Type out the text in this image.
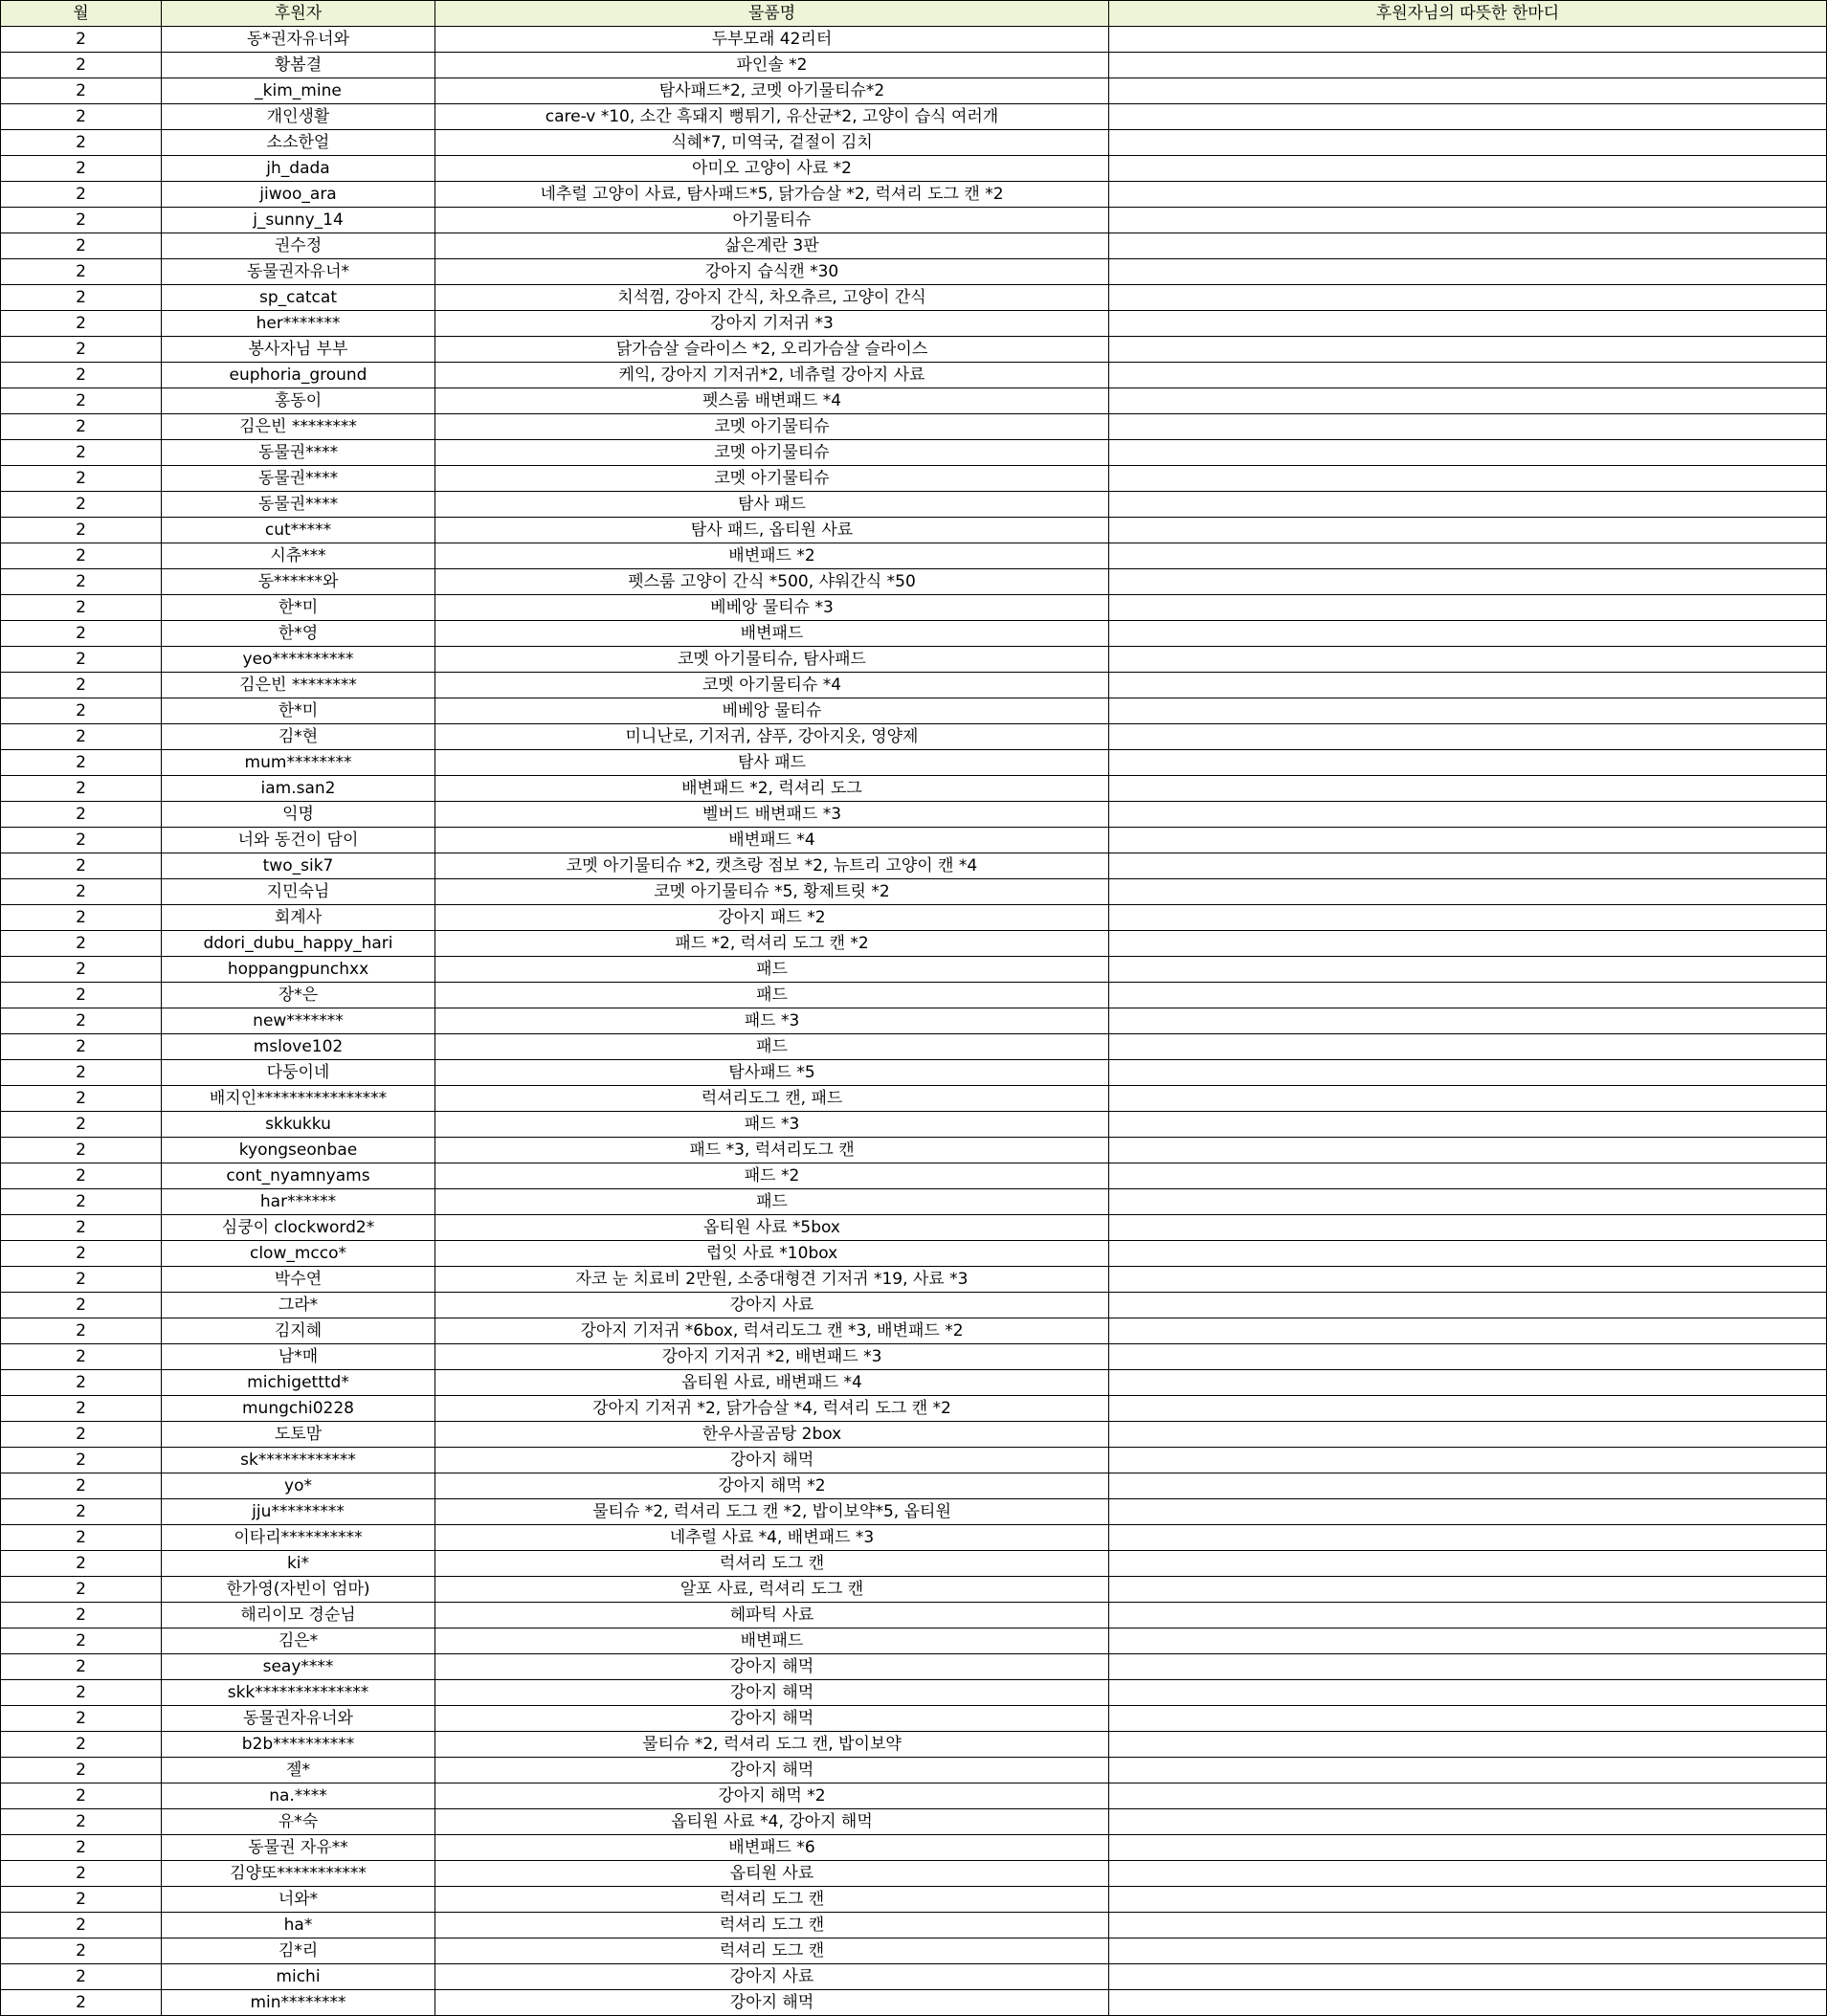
월	후원자	물품명	후원자님의 따뜻한 한마디
2	동*권자유너와	두부모래 42리터	
2	황봄결	파인솔 *2	
2	_kim_mine	탐사패드*2, 코멧 아기물티슈*2	
2	개인생활	care-v *10, 소간 흑돼지 뻥튀기, 유산균*2, 고양이 습식 여러개	
2	소소한얼	식혜*7, 미역국, 겉절이 김치	
2	jh_dada	아미오 고양이 사료 *2	
2	jiwoo_ara	네추럴 고양이 사료, 탐사패드*5, 닭가슴살 *2, 럭셔리 도그 캔 *2	
2	j_sunny_14	아기물티슈	
2	권수정	삶은계란 3판	
2	동물권자유너*	강아지 습식캔 *30	
2	sp_catcat	치석껌, 강아지 간식, 차오츄르, 고양이 간식	
2	her*******	강아지 기저귀 *3	
2	봉사자님 부부	닭가슴살 슬라이스 *2, 오리가슴살 슬라이스	
2	euphoria_ground	케익, 강아지 기저귀*2, 네츄럴 강아지 사료	
2	홍동이	펫스룸 배변패드 *4	
2	김은빈 ********	코멧 아기물티슈	
2	동물권****	코멧 아기물티슈	
2	동물권****	코멧 아기물티슈	
2	동물권****	탐사 패드	
2	cut*****	탐사 패드, 옵티원 사료	
2	시츄***	배변패드 *2	
2	동******와	펫스룸 고양이 간식 *500, 샤워간식 *50	
2	한*미	베베앙 물티슈 *3	
2	한*영	배변패드	
2	yeo**********	코멧 아기물티슈, 탐사패드	
2	김은빈 ********	코멧 아기물티슈 *4	
2	한*미	베베앙 물티슈	
2	김*현	미니난로, 기저귀, 샴푸, 강아지옷, 영양제	
2	mum********	탐사 패드	
2	iam.san2	배변패드 *2, 럭셔리 도그	
2	익명	벨버드 배변패드 *3	
2	너와 동건이 담이	배변패드 *4	
2	two_sik7	코멧 아기물티슈 *2, 캣츠랑 점보 *2, 뉴트리 고양이 캔 *4	
2	지민숙님	코멧 아기물티슈 *5, 황제트릿 *2	
2	회계사	강아지 패드 *2	
2	ddori_dubu_happy_hari	패드 *2, 럭셔리 도그 캔 *2	
2	hoppangpunchxx	패드	
2	장*은	패드	
2	new*******	패드 *3	
2	mslove102	패드	
2	다둥이네	탐사패드 *5	
2	배지인****************	럭셔리도그 캔, 패드	
2	skkukku	패드 *3	
2	kyongseonbae	패드 *3, 럭셔리도그 캔	
2	cont_nyamnyams	패드 *2	
2	har******	패드	
2	심쿵이 clockword2*	옵티원 사료 *5box	
2	clow_mcco*	럽잇 사료 *10box	
2	박수연	자코 눈 치료비 2만원, 소중대형견 기저귀 *19, 사료 *3	
2	그라*	강아지 사료	
2	김지혜	강아지 기저귀 *6box, 럭셔리도그 캔 *3, 배변패드 *2	
2	남*매	강아지 기저귀 *2, 배변패드 *3	
2	michigetttd*	옵티원 사료, 배변패드 *4	
2	mungchi0228	강아지 기저귀 *2, 닭가슴살 *4, 럭셔리 도그 캔 *2	
2	도토맘	한우사골곰탕 2box	
2	sk************	강아지 해먹	
2	yo*	강아지 해먹 *2	
2	jju*********	물티슈 *2, 럭셔리 도그 캔 *2, 밥이보약*5, 옵티원	
2	이타리**********	네추럴 사료 *4, 배변패드 *3	
2	ki*	럭셔리 도그 캔	
2	한가영(자빈이 엄마)	알포 사료, 럭셔리 도그 캔	
2	해리이모 경순님	헤파틱 사료	
2	김은*	배변패드	
2	seay****	강아지 해먹	
2	skk**************	강아지 해먹	
2	동물권자유너와	강아지 해먹	
2	b2b**********	물티슈 *2, 럭셔리 도그 캔, 밥이보약	
2	젤*	강아지 해먹	
2	na.****	강아지 해먹 *2	
2	유*숙	옵티원 사료 *4, 강아지 해먹	
2	동물권 자유**	배변패드 *6	
2	김양또***********	옵티원 사료	
2	너와*	럭셔리 도그 캔	
2	ha*	럭셔리 도그 캔	
2	김*리	럭셔리 도그 캔	
2	michi	강아지 사료	
2	min********	강아지 해먹	
